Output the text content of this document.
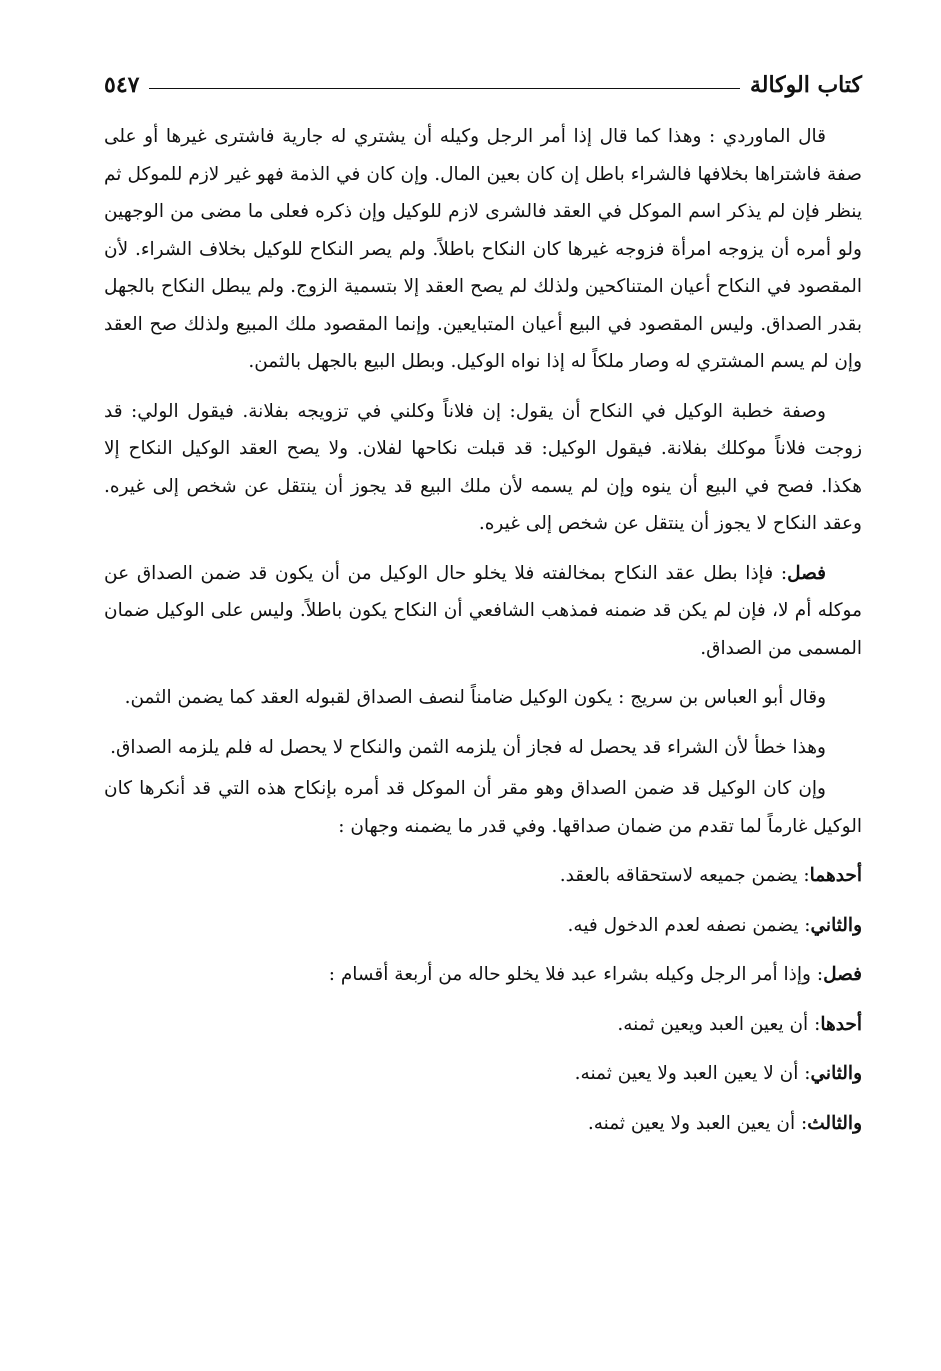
كتاب الوكالة
٥٤٧

قال الماوردي : وهذا كما قال إذا أمر الرجل وكيله أن يشتري له جارية فاشترى غيرها أو على صفة فاشتراها بخلافها فالشراء باطل إن كان بعين المال. وإن كان في الذمة فهو غير لازم للموكل ثم ينظر فإن لم يذكر اسم الموكل في العقد فالشرى لازم للوكيل وإن ذكره فعلى ما مضى من الوجهين ولو أمره أن يزوجه امرأة فزوجه غيرها كان النكاح باطلاً. ولم يصر النكاح للوكيل بخلاف الشراء. لأن المقصود في النكاح أعيان المتناكحين ولذلك لم يصح العقد إلا بتسمية الزوج. ولم يبطل النكاح بالجهل بقدر الصداق. وليس المقصود في البيع أعيان المتبايعين. وإنما المقصود ملك المبيع ولذلك صح العقد وإن لم يسم المشتري له وصار ملكاً له إذا نواه الوكيل. وبطل البيع بالجهل بالثمن.

وصفة خطبة الوكيل في النكاح أن يقول: إن فلاناً وكلني في تزويجه بفلانة. فيقول الولي: قد زوجت فلاناً موكلك بفلانة. فيقول الوكيل: قد قبلت نكاحها لفلان. ولا يصح العقد الوكيل النكاح إلا هكذا. فصح في البيع أن ينوه وإن لم يسمه لأن ملك البيع قد يجوز أن ينتقل عن شخص إلى غيره. وعقد النكاح لا يجوز أن ينتقل عن شخص إلى غيره.

فصل: فإذا بطل عقد النكاح بمخالفته فلا يخلو حال الوكيل من أن يكون قد ضمن الصداق عن موكله أم لا، فإن لم يكن قد ضمنه فمذهب الشافعي أن النكاح يكون باطلاً. وليس على الوكيل ضمان المسمى من الصداق.

وقال أبو العباس بن سريج : يكون الوكيل ضامناً لنصف الصداق لقبوله العقد كما يضمن الثمن.

وهذا خطأ لأن الشراء قد يحصل له فجاز أن يلزمه الثمن والنكاح لا يحصل له فلم يلزمه الصداق.

وإن كان الوكيل قد ضمن الصداق وهو مقر أن الموكل قد أمره بإنكاح هذه التي قد أنكرها كان الوكيل غارماً لما تقدم من ضمان صداقها. وفي قدر ما يضمنه وجهان :

أحدهما: يضمن جميعه لاستحقاقه بالعقد.

والثاني: يضمن نصفه لعدم الدخول فيه.

فصل: وإذا أمر الرجل وكيله بشراء عبد فلا يخلو حاله من أربعة أقسام :

أحدها: أن يعين العبد ويعين ثمنه.

والثاني: أن لا يعين العبد ولا يعين ثمنه.

والثالث: أن يعين العبد ولا يعين ثمنه.
